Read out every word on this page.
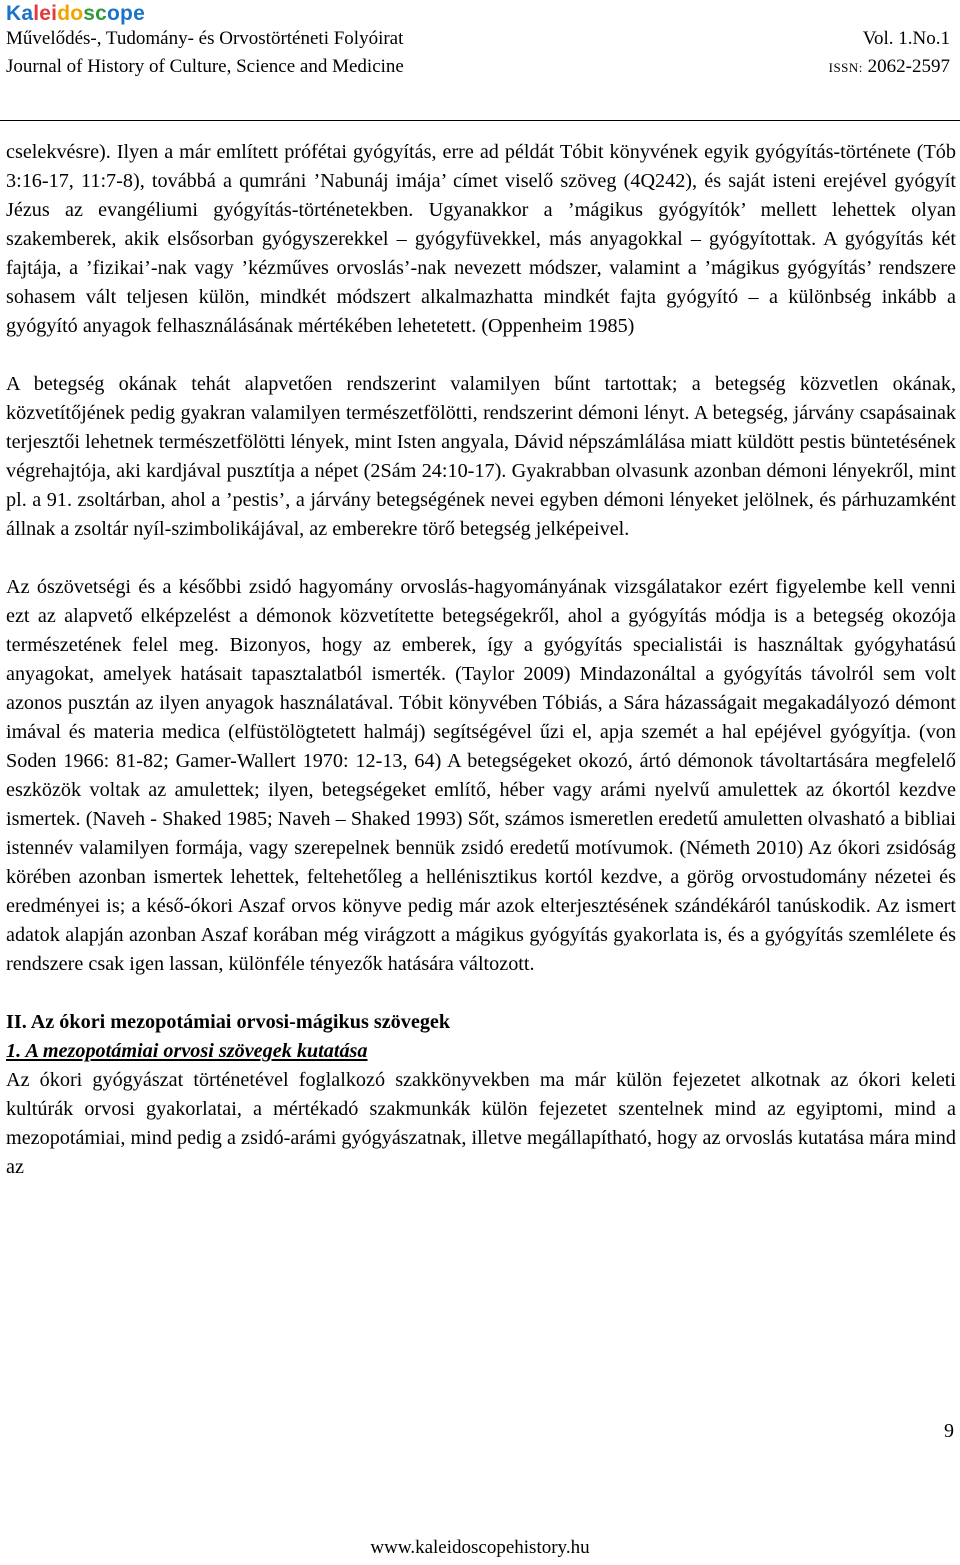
Kaleidoscope
Művelődés-, Tudomány- és Orvostörténeti Folyóirat	Vol. 1.No.1
Journal of History of Culture, Science and Medicine	ISSN: 2062-2597

cselekvésre). Ilyen a már említett prófétai gyógyítás, erre ad példát Tóbit könyvének egyik gyógyítás-története (Tób 3:16-17, 11:7-8), továbbá a qumráni ’Nabunáj imája’ címet viselő szöveg (4Q242), és saját isteni erejével gyógyít Jézus az evangéliumi gyógyítás-történetekben. Ugyanakkor a ’mágikus gyógyítók’ mellett lehettek olyan szakemberek, akik elsősorban gyógyszerekkel – gyógyfüvekkel, más anyagokkal – gyógyítottak. A gyógyítás két fajtája, a ’fizikai’-nak vagy ’kézműves orvoslás’-nak nevezett módszer, valamint a ’mágikus gyógyítás’ rendszere sohasem vált teljesen külön, mindkét módszert alkalmazhatta mindkét fajta gyógyító – a különbség inkább a gyógyító anyagok felhasználásának mértékében lehetetett. (Oppenheim 1985)

A betegség okának tehát alapvetően rendszerint valamilyen bűnt tartottak; a betegség közvetlen okának, közvetítőjének pedig gyakran valamilyen természetfölötti, rendszerint démoni lényt. A betegség, járvány csapásainak terjesztői lehetnek természetfölötti lények, mint Isten angyala, Dávid népszámlálása miatt küldött pestis büntetésének végrehajtója, aki kardjával pusztítja a népet (2Sám 24:10-17). Gyakrabban olvasunk azonban démoni lényekről, mint pl. a 91. zsoltárban, ahol a ’pestis’, a járvány betegségének nevei egyben démoni lényeket jelölnek, és párhuzamként állnak a zsoltár nyíl-szimbolikájával, az emberekre törő betegség jelképeivel.

Az ószövetségi és a későbbi zsidó hagyomány orvoslás-hagyományának vizsgálatakor ezért figyelembe kell venni ezt az alapvető elképzelést a démonok közvetítette betegségekről, ahol a gyógyítás módja is a betegség okozója természetének felel meg. Bizonyos, hogy az emberek, így a gyógyítás specialistái is használtak gyógyhatású anyagokat, amelyek hatásait tapasztalatból ismerték. (Taylor 2009) Mindazonáltal a gyógyítás távolról sem volt azonos pusztán az ilyen anyagok használatával. Tóbit könyvében Tóbiás, a Sára házasságait megakadályozó démont imával és materia medica (elfüstölögtetett halmáj) segítségével űzi el, apja szemét a hal epéjével gyógyítja. (von Soden 1966: 81-82; Gamer-Wallert 1970: 12-13, 64) A betegségeket okozó, ártó démonok távoltartására megfelelő eszközök voltak az amulettek; ilyen, betegségeket említő, héber vagy arámi nyelvű amulettek az ókortól kezdve ismertek. (Naveh - Shaked 1985; Naveh – Shaked 1993) Sőt, számos ismeretlen eredetű amuletten olvasható a bibliai istennév valamilyen formája, vagy szerepelnek bennük zsidó eredetű motívumok. (Németh 2010) Az ókori zsidóság körében azonban ismertek lehettek, feltehetőleg a hellénisztikus kortól kezdve, a görög orvostudomány nézetei és eredményei is; a késő-ókori Aszaf orvos könyve pedig már azok elterjesztésének szándékáról tanúskodik. Az ismert adatok alapján azonban Aszaf korában még virágzott a mágikus gyógyítás gyakorlata is, és a gyógyítás szemlélete és rendszere csak igen lassan, különféle tényezők hatására változott.

II. Az ókori mezopotámiai orvosi-mágikus szövegek

1. A mezopotámiai orvosi szövegek kutatása

Az ókori gyógyászat történetével foglalkozó szakkönyvekben ma már külön fejezetet alkotnak az ókori keleti kultúrák orvosi gyakorlatai, a mértékadó szakmunkák külön fejezetet szentelnek mind az egyiptomi, mind a mezopotámiai, mind pedig a zsidó-arámi gyógyászatnak, illetve megállapítható, hogy az orvoslás kutatása mára mind az

9
www.kaleidoscopehistory.hu
